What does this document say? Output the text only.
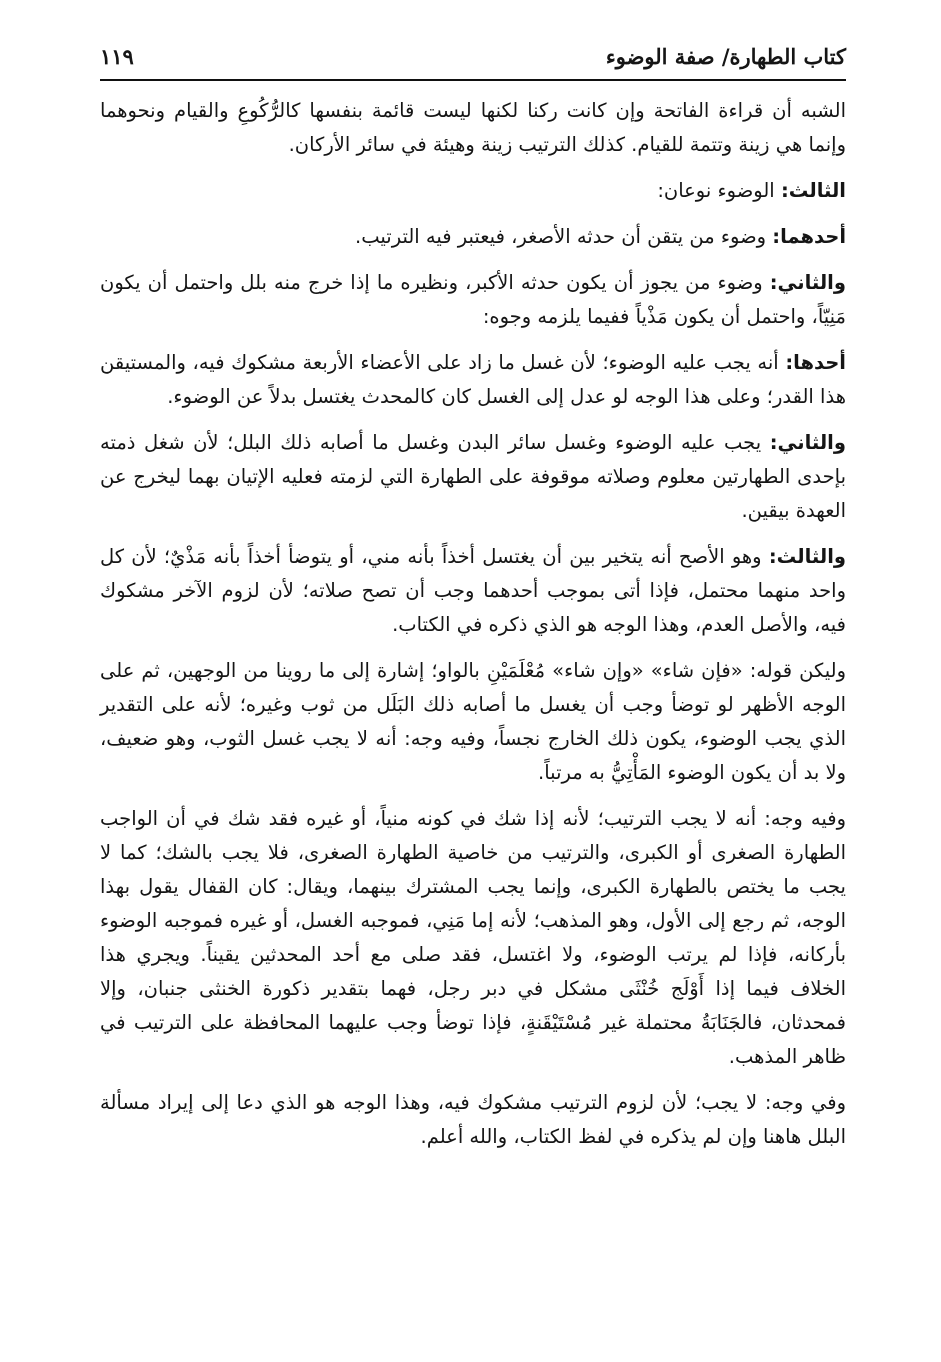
كتاب الطهارة/ صفة الوضوء
١١٩

الشبه أن قراءة الفاتحة وإن كانت ركنا لكنها ليست قائمة بنفسها كالرُّكُوعِ والقيام ونحوهما وإنما هي زينة وتتمة للقيام. كذلك الترتيب زينة وهيئة في سائر الأركان.

الثالث: الوضوء نوعان:

أحدهما: وضوء من يتقن أن حدثه الأصغر، فيعتبر فيه الترتيب.

والثاني: وضوء من يجوز أن يكون حدثه الأكبر، ونظيره ما إذا خرج منه بلل واحتمل أن يكون مَنِيّاً، واحتمل أن يكون مَذْياً ففيما يلزمه وجوه:

أحدها: أنه يجب عليه الوضوء؛ لأن غسل ما زاد على الأعضاء الأربعة مشكوك فيه، والمستيقن هذا القدر؛ وعلى هذا الوجه لو عدل إلى الغسل كان كالمحدث يغتسل بدلاً عن الوضوء.

والثاني: يجب عليه الوضوء وغسل سائر البدن وغسل ما أصابه ذلك البلل؛ لأن شغل ذمته بإحدى الطهارتين معلوم وصلاته موقوفة على الطهارة التي لزمته فعليه الإتيان بهما ليخرج عن العهدة بيقين.

والثالث: وهو الأصح أنه يتخير بين أن يغتسل أخذاً بأنه مني، أو يتوضأ أخذاً بأنه مَذْيٌ؛ لأن كل واحد منهما محتمل، فإذا أتى بموجب أحدهما وجب أن تصح صلاته؛ لأن لزوم الآخر مشكوك فيه، والأصل العدم، وهذا الوجه هو الذي ذكره في الكتاب.

وليكن قوله: «فإن شاء» «وإن شاء» مُعْلَمَيْنِ بالواو؛ إشارة إلى ما روينا من الوجهين، ثم على الوجه الأظهر لو توضأ وجب أن يغسل ما أصابه ذلك البَلَل من ثوب وغيره؛ لأنه على التقدير الذي يجب الوضوء، يكون ذلك الخارج نجساً، وفيه وجه: أنه لا يجب غسل الثوب، وهو ضعيف، ولا بد أن يكون الوضوء المَأْتِيُّ به مرتباً.

وفيه وجه: أنه لا يجب الترتيب؛ لأنه إذا شك في كونه منياً، أو غيره فقد شك في أن الواجب الطهارة الصغرى أو الكبرى، والترتيب من خاصية الطهارة الصغرى، فلا يجب بالشك؛ كما لا يجب ما يختص بالطهارة الكبرى، وإنما يجب المشترك بينهما، ويقال: كان القفال يقول بهذا الوجه، ثم رجع إلى الأول، وهو المذهب؛ لأنه إما مَنِي، فموجبه الغسل، أو غيره فموجبه الوضوء بأركانه، فإذا لم يرتب الوضوء، ولا اغتسل، فقد صلى مع أحد المحدثين يقيناً. ويجري هذا الخلاف فيما إذا أَوْلَج خُنْثَى مشكل في دبر رجل، فهما بتقدير ذكورة الخنثى جنبان، وإلا فمحدثان، فالجَنَابَةُ محتملة غير مُسْتَيْقَنةٍ، فإذا توضأ وجب عليهما المحافظة على الترتيب في ظاهر المذهب.

وفي وجه: لا يجب؛ لأن لزوم الترتيب مشكوك فيه، وهذا الوجه هو الذي دعا إلى إيراد مسألة البلل هاهنا وإن لم يذكره في لفظ الكتاب، والله أعلم.
